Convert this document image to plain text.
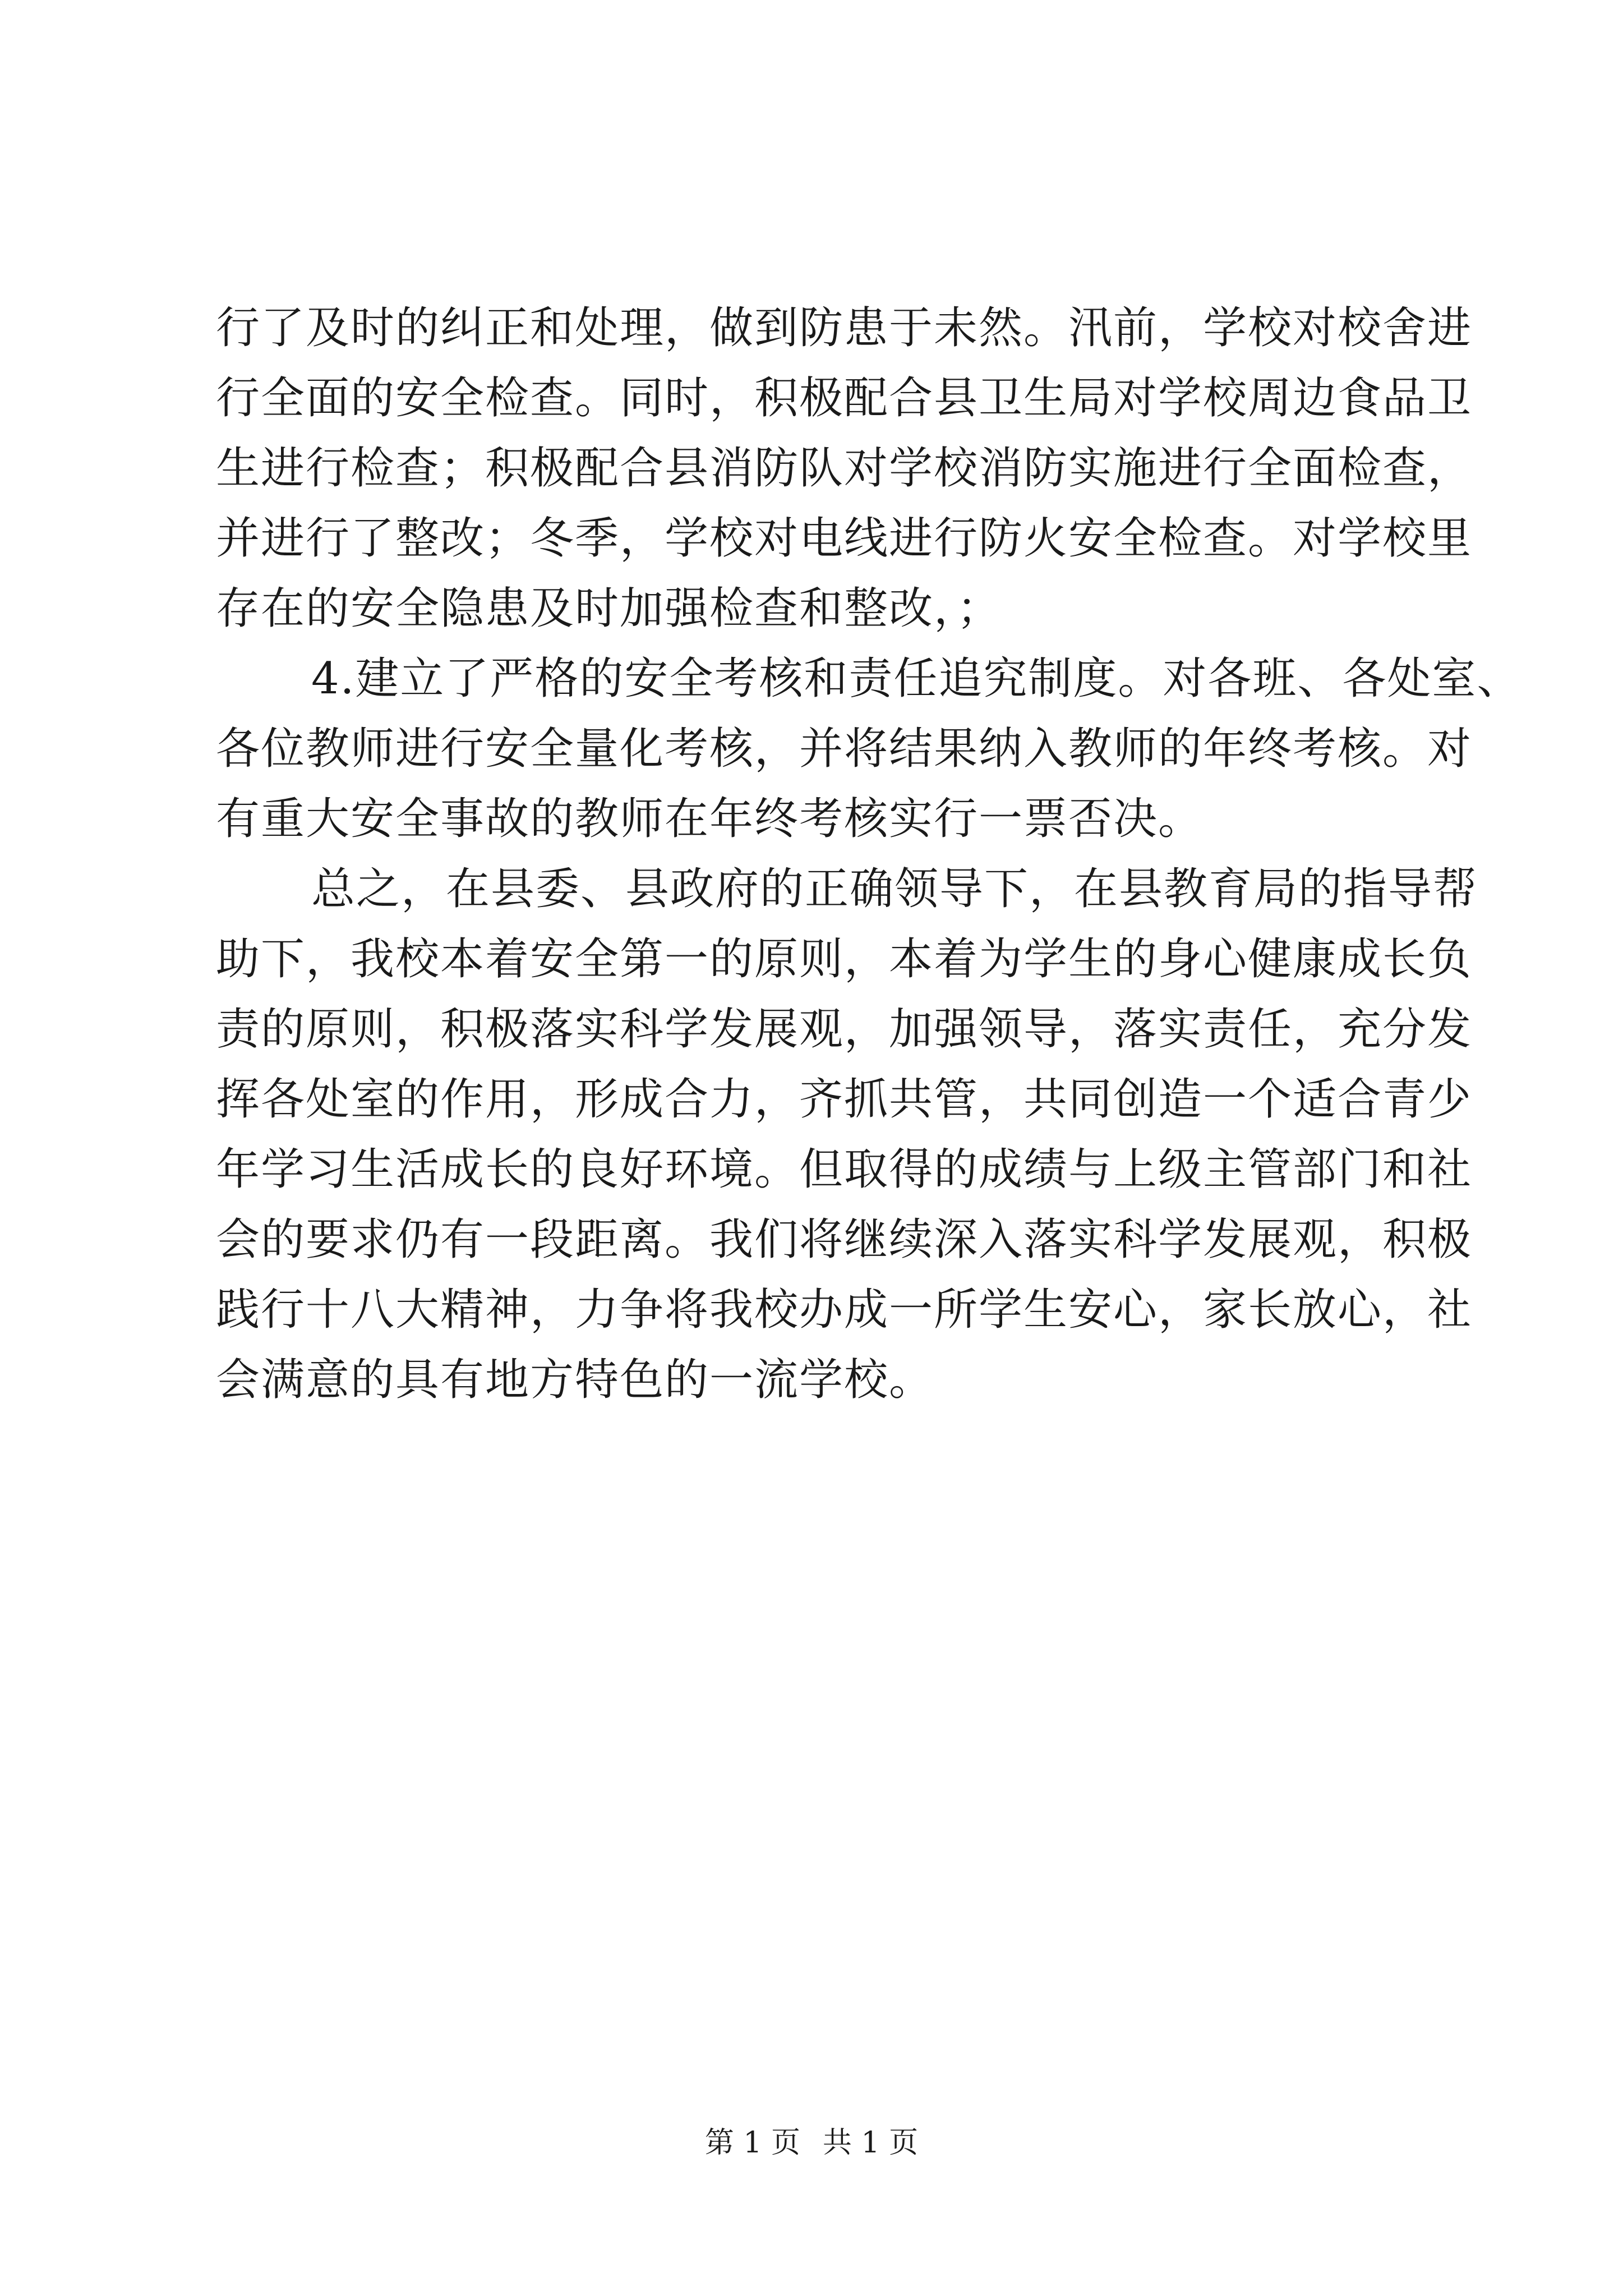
行了及时的纠正和处理，做到防患于未然。汛前，学校对校舍进
行全面的安全检查。同时，积极配合县卫生局对学校周边食品卫
生进行检查；积极配合县消防队对学校消防实施进行全面检查，
并进行了整改；冬季，学校对电线进行防火安全检查。对学校里
存在的安全隐患及时加强检查和整改，；
4.建立了严格的安全考核和责任追究制度。对各班、各处室、
各位教师进行安全量化考核，并将结果纳入教师的年终考核。对
有重大安全事故的教师在年终考核实行一票否决。
总之，在县委、县政府的正确领导下，在县教育局的指导帮
助下，我校本着安全第一的原则，本着为学生的身心健康成长负
责的原则，积极落实科学发展观，加强领导，落实责任，充分发
挥各处室的作用，形成合力，齐抓共管，共同创造一个适合青少
年学习生活成长的良好环境。但取得的成绩与上级主管部门和社
会的要求仍有一段距离。我们将继续深入落实科学发展观，积极
践行十八大精神，力争将我校办成一所学生安心，家长放心，社
会满意的具有地方特色的一流学校。
第 1 页 共 1 页
